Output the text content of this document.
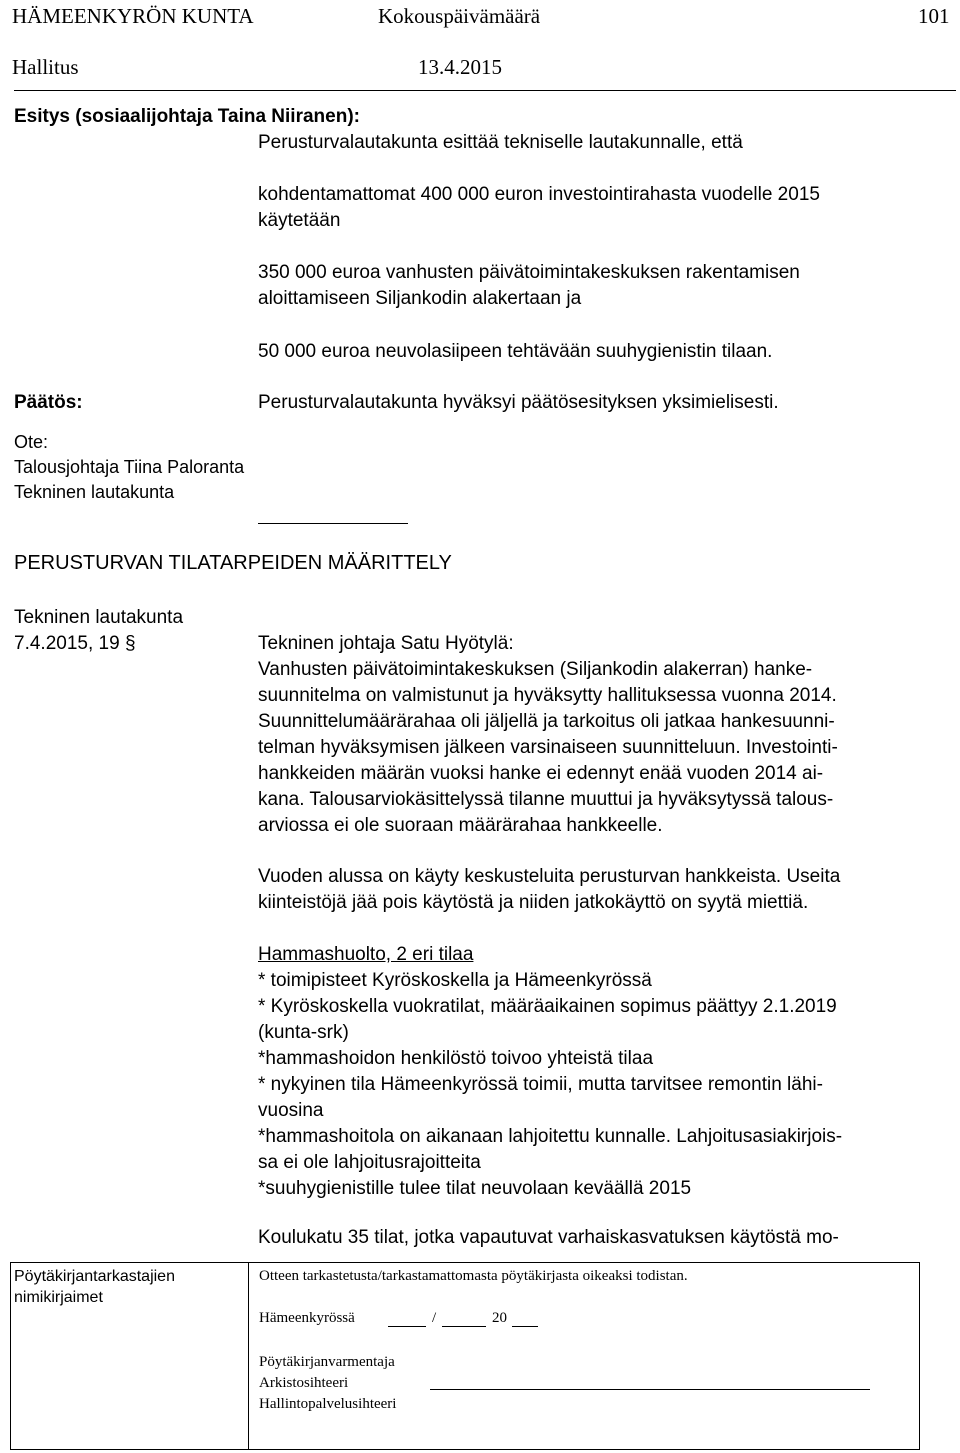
HÄMEENKYRÖN KUNTA	Kokouspäivämäärä	101
Hallitus	13.4.2015
Esitys (sosiaalijohtaja Taina Niiranen):
Perusturvalautakunta esittää tekniselle lautakunnalle, että
kohdentamattomat 400 000 euron investointirahasta vuodelle 2015
käytetään
350 000 euroa vanhusten päivätoimintakeskuksen rakentamisen
aloittamiseen Siljankodin alakertaan ja
50 000 euroa neuvolasiipeen tehtävään suuhygienistin tilaan.
Päätös:	Perusturvalautakunta hyväksyi päätösesityksen yksimielisesti.
Ote:
Talousjohtaja Tiina Paloranta
Tekninen lautakunta
PERUSTURVAN TILATARPEIDEN MÄÄRITTELY
Tekninen lautakunta
7.4.2015, 19 §	Tekninen johtaja Satu Hyötylä:
Vanhusten päivätoimintakeskuksen (Siljankodin alakerran) hanke-
suunnitelma on valmistunut ja hyväksytty hallituksessa vuonna 2014.
Suunnittelumäärärahaa oli jäljellä ja tarkoitus oli jatkaa hankesuunni-
telman hyväksymisen jälkeen varsinaiseen suunnitteluun. Investointi-
hankkeiden määrän vuoksi hanke ei edennyt enää vuoden 2014 ai-
kana. Talousarviokäsittelyssä tilanne muuttui ja hyväksytyssä talous-
arviossa ei ole suoraan määrärahaa hankkeelle.
Vuoden alussa on käyty keskusteluita perusturvan hankkeista. Useita
kiinteistöjä jää pois käytöstä ja niiden jatkokäyttö on syytä miettiä.
Hammashuolto, 2 eri tilaa
* toimipisteet Kyröskoskella ja Hämeenkyrössä
* Kyröskoskella vuokratilat, määräaikainen sopimus päättyy 2.1.2019
(kunta-srk)
*hammashoidon henkilöstö toivoo yhteistä tilaa
* nykyinen tila Hämeenkyrössä toimii, mutta tarvitsee remontin lähi-
vuosina
*hammashoitola on aikanaan lahjoitettu kunnalle. Lahjoitusasiakirjois-
sa ei ole lahjoitusrajoitteita
*suuhygienistille tulee tilat neuvolaan keväällä 2015
Koulukatu 35 tilat, jotka vapautuvat varhaiskasvatuksen käytöstä mo-
Pöytäkirjantarkastajien
nimikirjaimet
Otteen tarkastetusta/tarkastamattomasta pöytäkirjasta oikeaksi todistan.
Hämeenkyrössä	/	20
Pöytäkirjanvarmentaja
Arkistosihteeri
Hallintopalvelusihteeri
